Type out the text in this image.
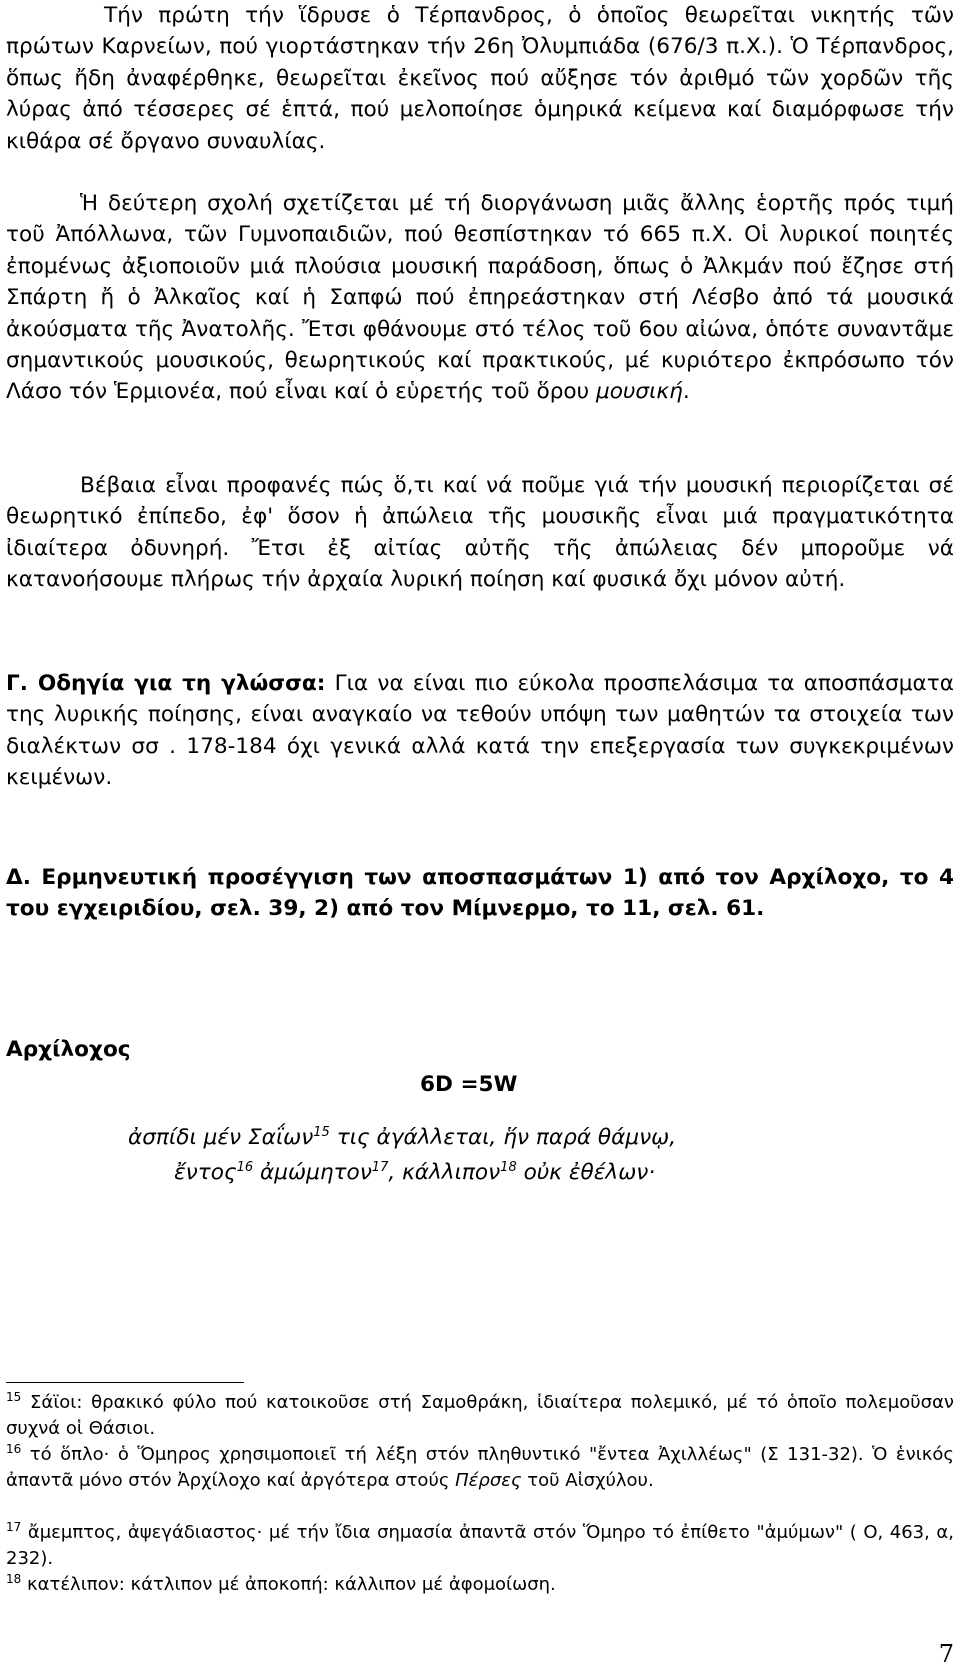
Τήν πρώτη τήν ἵδρυσε ὁ Τέρπανδρος, ὁ ὁποῖος θεωρεῖται νικητής τῶν πρώτων Καρνείων, πού γιορτάστηκαν τήν 26η Ὀλυμπιάδα (676/3 π.Χ.). Ὁ Τέρπανδρος, ὅπως ἤδη ἀναφέρθηκε, θεωρεῖται ἐκεῖνος πού αὔξησε τόν ἀριθμό τῶν χορδῶν τῆς λύρας ἀπό τέσσερες σέ ἑπτά, πού μελοποίησε ὁμηρικά κείμενα καί διαμόρφωσε τήν κιθάρα σέ ὄργανο συναυλίας.

Ἡ δεύτερη σχολή σχετίζεται μέ τή διοργάνωση μιᾶς ἄλλης ἑορτῆς πρός τιμή τοῦ Ἀπόλλωνα, τῶν Γυμνοπαιδιῶν, πού θεσπίστηκαν τό 665 π.Χ. Οἱ λυρικοί ποιητές ἐπομένως ἀξιοποιοῦν μιά πλούσια μουσική παράδοση, ὅπως ὁ Ἀλκμάν πού ἔζησε στή Σπάρτη ἤ ὁ Ἀλκαῖος καί ἡ Σαπφώ πού ἐπηρεάστηκαν στή Λέσβο ἀπό τά μουσικά ἀκούσματα τῆς Ἀνατολῆς. Ἔτσι φθάνουμε στό τέλος τοῦ 6ου αἰώνα, ὁπότε συναντᾶμε σημαντικούς μουσικούς, θεωρητικούς καί πρακτικούς, μέ κυριότερο ἐκπρόσωπο τόν Λάσο τόν Ἑρμιονέα, πού εἶναι καί ὁ εὑρετής τοῦ ὅρου μουσική.

Βέβαια εἶναι προφανές πώς ὅ,τι καί νά ποῦμε γιά τήν μουσική περιορίζεται σέ θεωρητικό ἐπίπεδο, ἐφ' ὅσον ἡ ἀπώλεια τῆς μουσικῆς εἶναι μιά πραγματικότητα ἰδιαίτερα ὀδυνηρή. Ἔτσι ἐξ αἰτίας αὐτῆς τῆς ἀπώλειας δέν μποροῦμε νά κατανοήσουμε πλήρως τήν ἀρχαία λυρική ποίηση καί φυσικά ὄχι μόνον αὐτή.

Γ. Οδηγία για τη γλώσσα: Για να είναι πιο εύκολα προσπελάσιμα τα αποσπάσματα της λυρικής ποίησης, είναι αναγκαίο να τεθούν υπόψη των μαθητών τα στοιχεία των διαλέκτων σσ . 178-184 όχι γενικά αλλά κατά την επεξεργασία των συγκεκριμένων κειμένων.

Δ. Ερμηνευτική προσέγγιση των αποσπασμάτων 1) από τον Αρχίλοχο, το 4 του εγχειριδίου, σελ. 39, 2) από τον Μίμνερμο, το 11, σελ. 61.

Αρχίλοχος
6D =5W
ἀσπίδι μέν Σαΐων$^{15}$ τις ἀγάλλεται, ἥν παρά θάμνῳ,
ἔντος$^{16}$ ἀμώμητον$^{17}$, κάλλιπον$^{18}$ οὐκ ἐθέλων·

$^{15}$ Σάϊοι: θρακικό φύλο πού κατοικοῦσε στή Σαμοθράκη, ἰδιαίτερα πολεμικό, μέ τό ὁποῖο πολεμοῦσαν συχνά οἱ Θάσιοι.

$^{16}$ τό ὅπλο· ὁ Ὅμηρος χρησιμοποιεῖ τή λέξη στόν πληθυντικό "ἔντεα Ἀχιλλέως" (Σ 131-32). Ὁ ἑνικός ἀπαντᾶ μόνο στόν Ἀρχίλοχο καί ἀργότερα στούς Πέρσες τοῦ Αἰσχύλου.

$^{17}$ ἄμεμπτος, ἀψεγάδιαστος· μέ τήν ἴδια σημασία ἀπαντᾶ στόν Ὅμηρο τό ἐπίθετο "ἀμύμων" ( Ο, 463, α, 232).

$^{18}$ κατέλιπον: κάτλιπον μέ ἀποκοπή: κάλλιπον μέ ἀφομοίωση.

7
